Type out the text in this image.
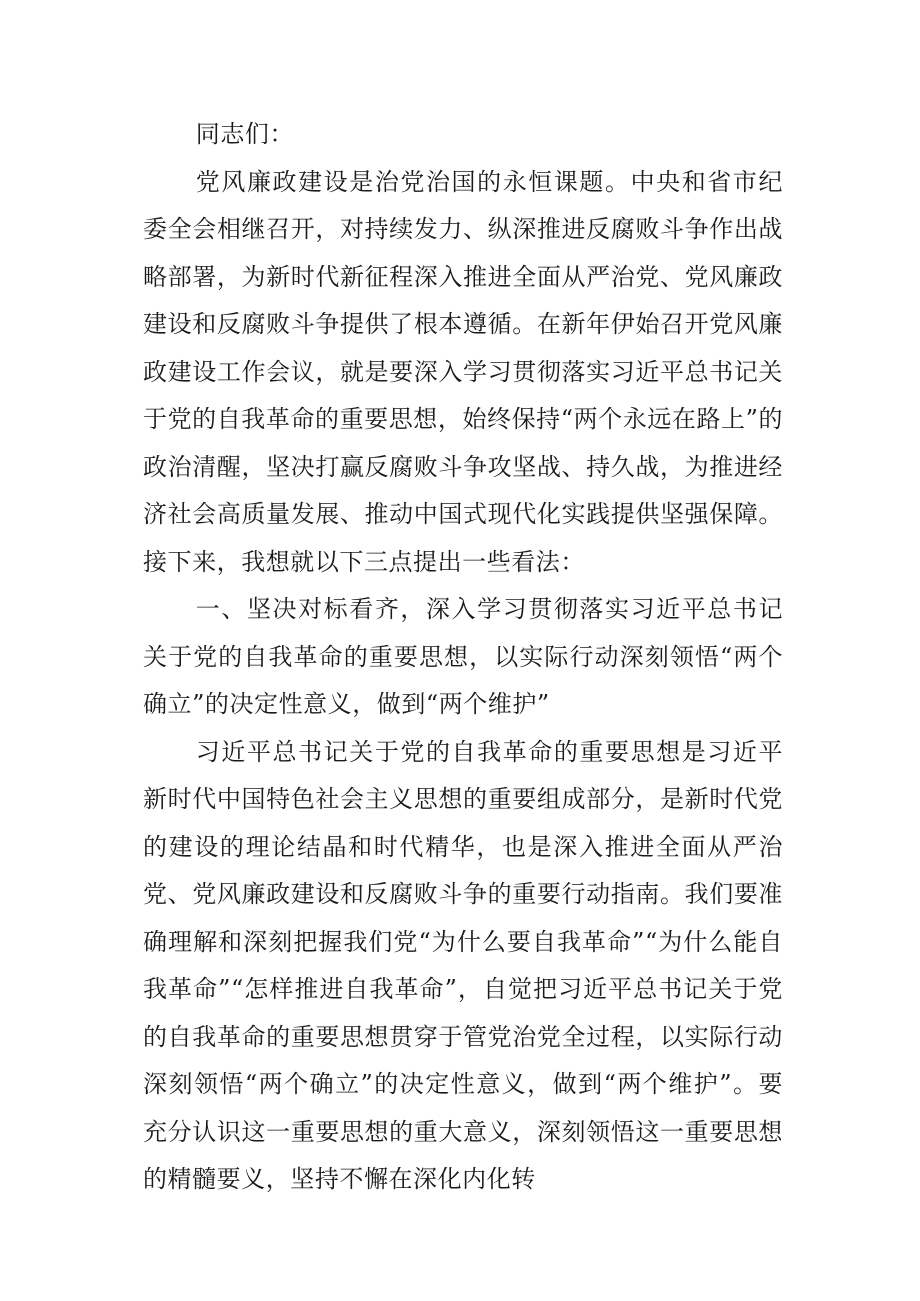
同志们：

党风廉政建设是治党治国的永恒课题。中央和省市纪委全会相继召开，对持续发力、纵深推进反腐败斗争作出战略部署，为新时代新征程深入推进全面从严治党、党风廉政建设和反腐败斗争提供了根本遵循。在新年伊始召开党风廉政建设工作会议，就是要深入学习贯彻落实习近平总书记关于党的自我革命的重要思想，始终保持“两个永远在路上”的政治清醒，坚决打赢反腐败斗争攻坚战、持久战，为推进经济社会高质量发展、推动中国式现代化实践提供坚强保障。接下来，我想就以下三点提出一些看法：

一、坚决对标看齐，深入学习贯彻落实习近平总书记关于党的自我革命的重要思想，以实际行动深刻领悟“两个确立”的决定性意义，做到“两个维护”

习近平总书记关于党的自我革命的重要思想是习近平新时代中国特色社会主义思想的重要组成部分，是新时代党的建设的理论结晶和时代精华，也是深入推进全面从严治党、党风廉政建设和反腐败斗争的重要行动指南。我们要准确理解和深刻把握我们党“为什么要自我革命”“为什么能自我革命”“怎样推进自我革命”，自觉把习近平总书记关于党的自我革命的重要思想贯穿于管党治党全过程，以实际行动深刻领悟“两个确立”的决定性意义，做到“两个维护”。要充分认识这一重要思想的重大意义，深刻领悟这一重要思想的精髓要义，坚持不懈在深化内化转
